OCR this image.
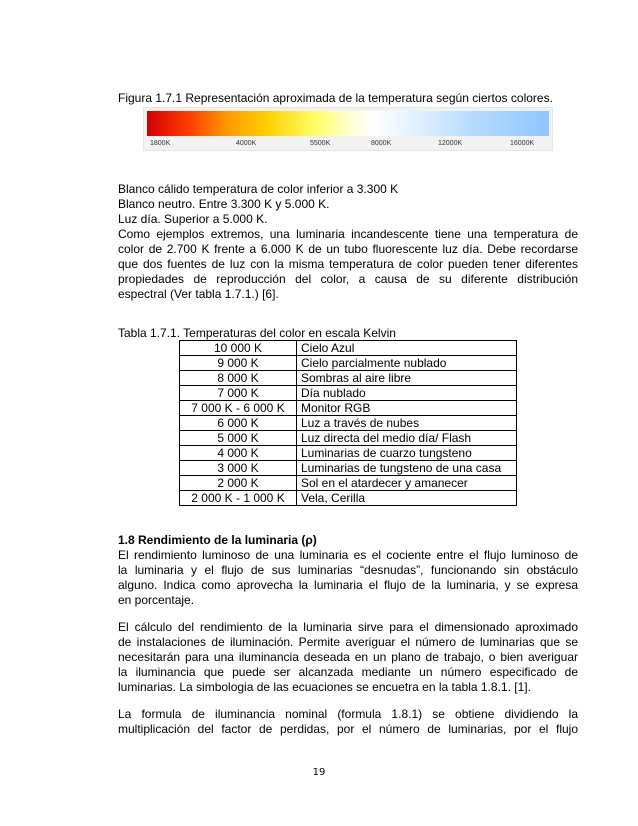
Figura 1.7.1 Representación aproximada de la temperatura según ciertos colores.
1800K	4000K	5500K	8000K	12000K	16000K
Blanco cálido temperatura de color inferior a 3.300 K
Blanco neutro. Entre 3.300 K y 5.000 K.
Luz día. Superior a 5.000 K.
Como ejemplos extremos, una luminaria incandescente tiene una temperatura de
color de 2.700 K frente a 6.000 K de un tubo fluorescente luz día. Debe recordarse
que dos fuentes de luz con la misma temperatura de color pueden tener diferentes
propiedades de reproducción del color, a causa de su diferente distribución
espectral (Ver tabla 1.7.1.) [6].
Tabla 1.7.1. Temperaturas del color en escala Kelvin
10 000 K	Cielo Azul
9 000 K	Cielo parcialmente nublado
8 000 K	Sombras al aire libre
7 000 K	Día nublado
7 000 K - 6 000 K	Monitor RGB
6 000 K	Luz a través de nubes
5 000 K	Luz directa del medio día/ Flash
4 000 K	Luminarias de cuarzo tungsteno
3 000 K	Luminarias de tungsteno de una casa
2 000 K	Sol en el atardecer y amanecer
2 000 K - 1 000 K	Vela, Cerilla
1.8 Rendimiento de la luminaria (ρ)
El rendimiento luminoso de una luminaria es el cociente entre el flujo luminoso de
la luminaria y el flujo de sus luminarias “desnudas”, funcionando sin obstáculo
alguno. Indica como aprovecha la luminaria el flujo de la luminaria, y se expresa
en porcentaje.
El cálculo del rendimiento de la luminaria sirve para el dimensionado aproximado
de instalaciones de iluminación. Permite averiguar el número de luminarias que se
necesitarán para una iluminancia deseada en un plano de trabajo, o bien averiguar
la iluminancia que puede ser alcanzada mediante un número especificado de
luminarias. La simbologia de las ecuaciones se encuetra en la tabla 1.8.1. [1].
La formula de iluminancia nominal (formula 1.8.1) se obtiene dividiendo la
multiplicación del factor de perdidas, por el número de luminarias, por el flujo
19
